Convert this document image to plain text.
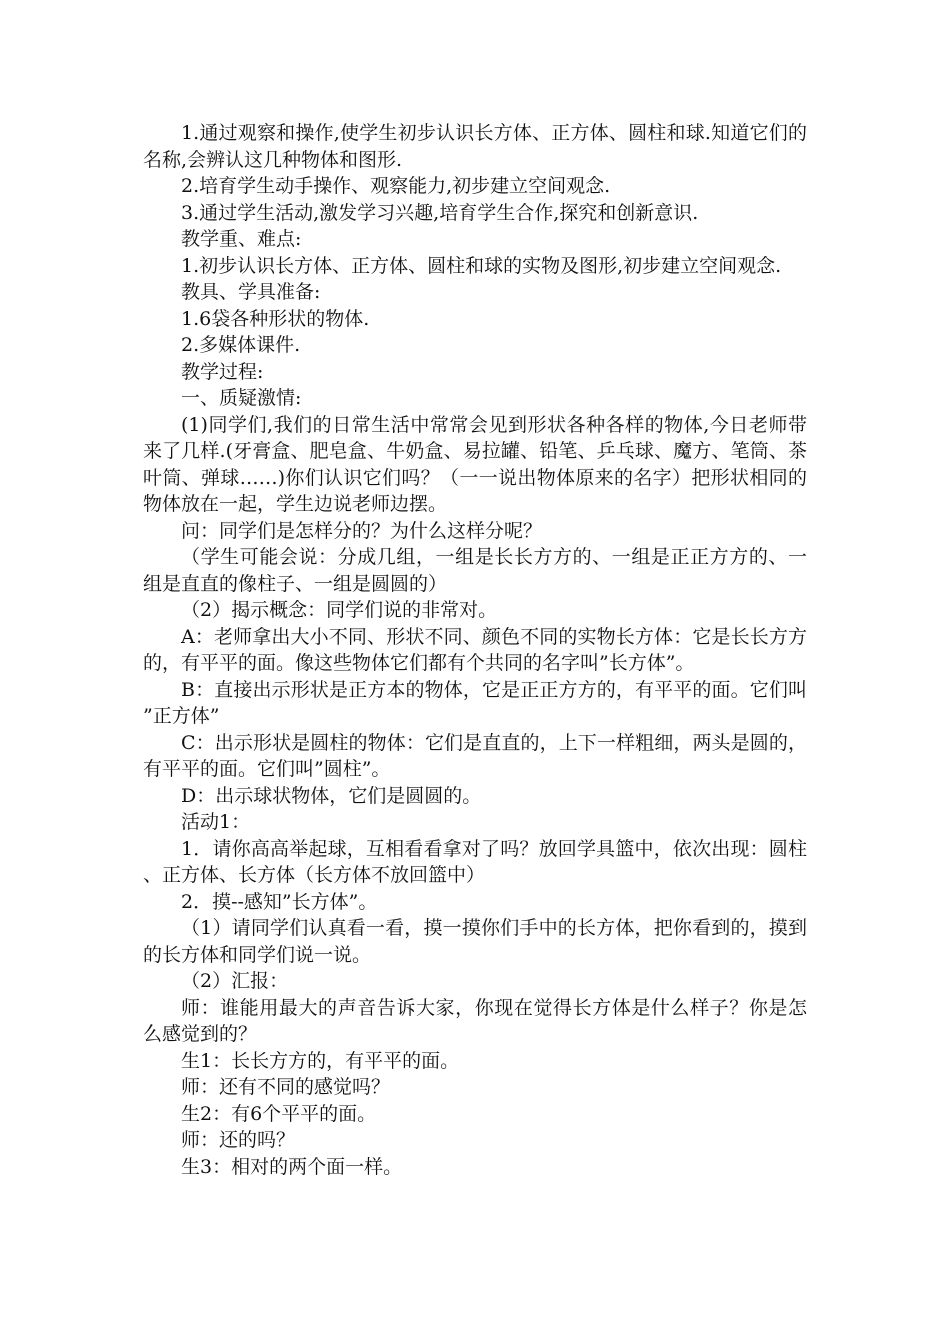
1.通过观察和操作,使学生初步认识长方体、正方体、圆柱和球.知道它们的名称,会辨认这几种物体和图形.

2.培育学生动手操作、观察能力,初步建立空间观念.

3.通过学生活动,激发学习兴趣,培育学生合作,探究和创新意识.

教学重、难点:

1.初步认识长方体、正方体、圆柱和球的实物及图形,初步建立空间观念.

教具、学具准备:

1.6袋各种形状的物体.

2.多媒体课件.

教学过程:

一、质疑激情:

(1)同学们,我们的日常生活中常常会见到形状各种各样的物体,今日老师带来了几样.(牙膏盒、肥皂盒、牛奶盒、易拉罐、铅笔、乒乓球、魔方、笔筒、茶叶筒、弹球……)你们认识它们吗？（一一说出物体原来的名字）把形状相同的物体放在一起，学生边说老师边摆。

问：同学们是怎样分的？为什么这样分呢？

（学生可能会说：分成几组，一组是长长方方的、一组是正正方方的、一组是直直的像柱子、一组是圆圆的）

（2）揭示概念：同学们说的非常对。

A：老师拿出大小不同、形状不同、颜色不同的实物长方体：它是长长方方的，有平平的面。像这些物体它们都有个共同的名字叫”长方体”。

B：直接出示形状是正方本的物体，它是正正方方的，有平平的面。它们叫”正方体”

C：出示形状是圆柱的物体：它们是直直的，上下一样粗细，两头是圆的，有平平的面。它们叫”圆柱”。

D：出示球状物体，它们是圆圆的。

活动1：

1．请你高高举起球，互相看看拿对了吗？放回学具篮中，依次出现：圆柱、正方体、长方体（长方体不放回篮中）

2．摸--感知”长方体”。

（1）请同学们认真看一看，摸一摸你们手中的长方体，把你看到的，摸到的长方体和同学们说一说。

（2）汇报：

师：谁能用最大的声音告诉大家，你现在觉得长方体是什么样子？你是怎么感觉到的？

生1：长长方方的，有平平的面。

师：还有不同的感觉吗？

生2：有6个平平的面。

师：还的吗？

生3：相对的两个面一样。
